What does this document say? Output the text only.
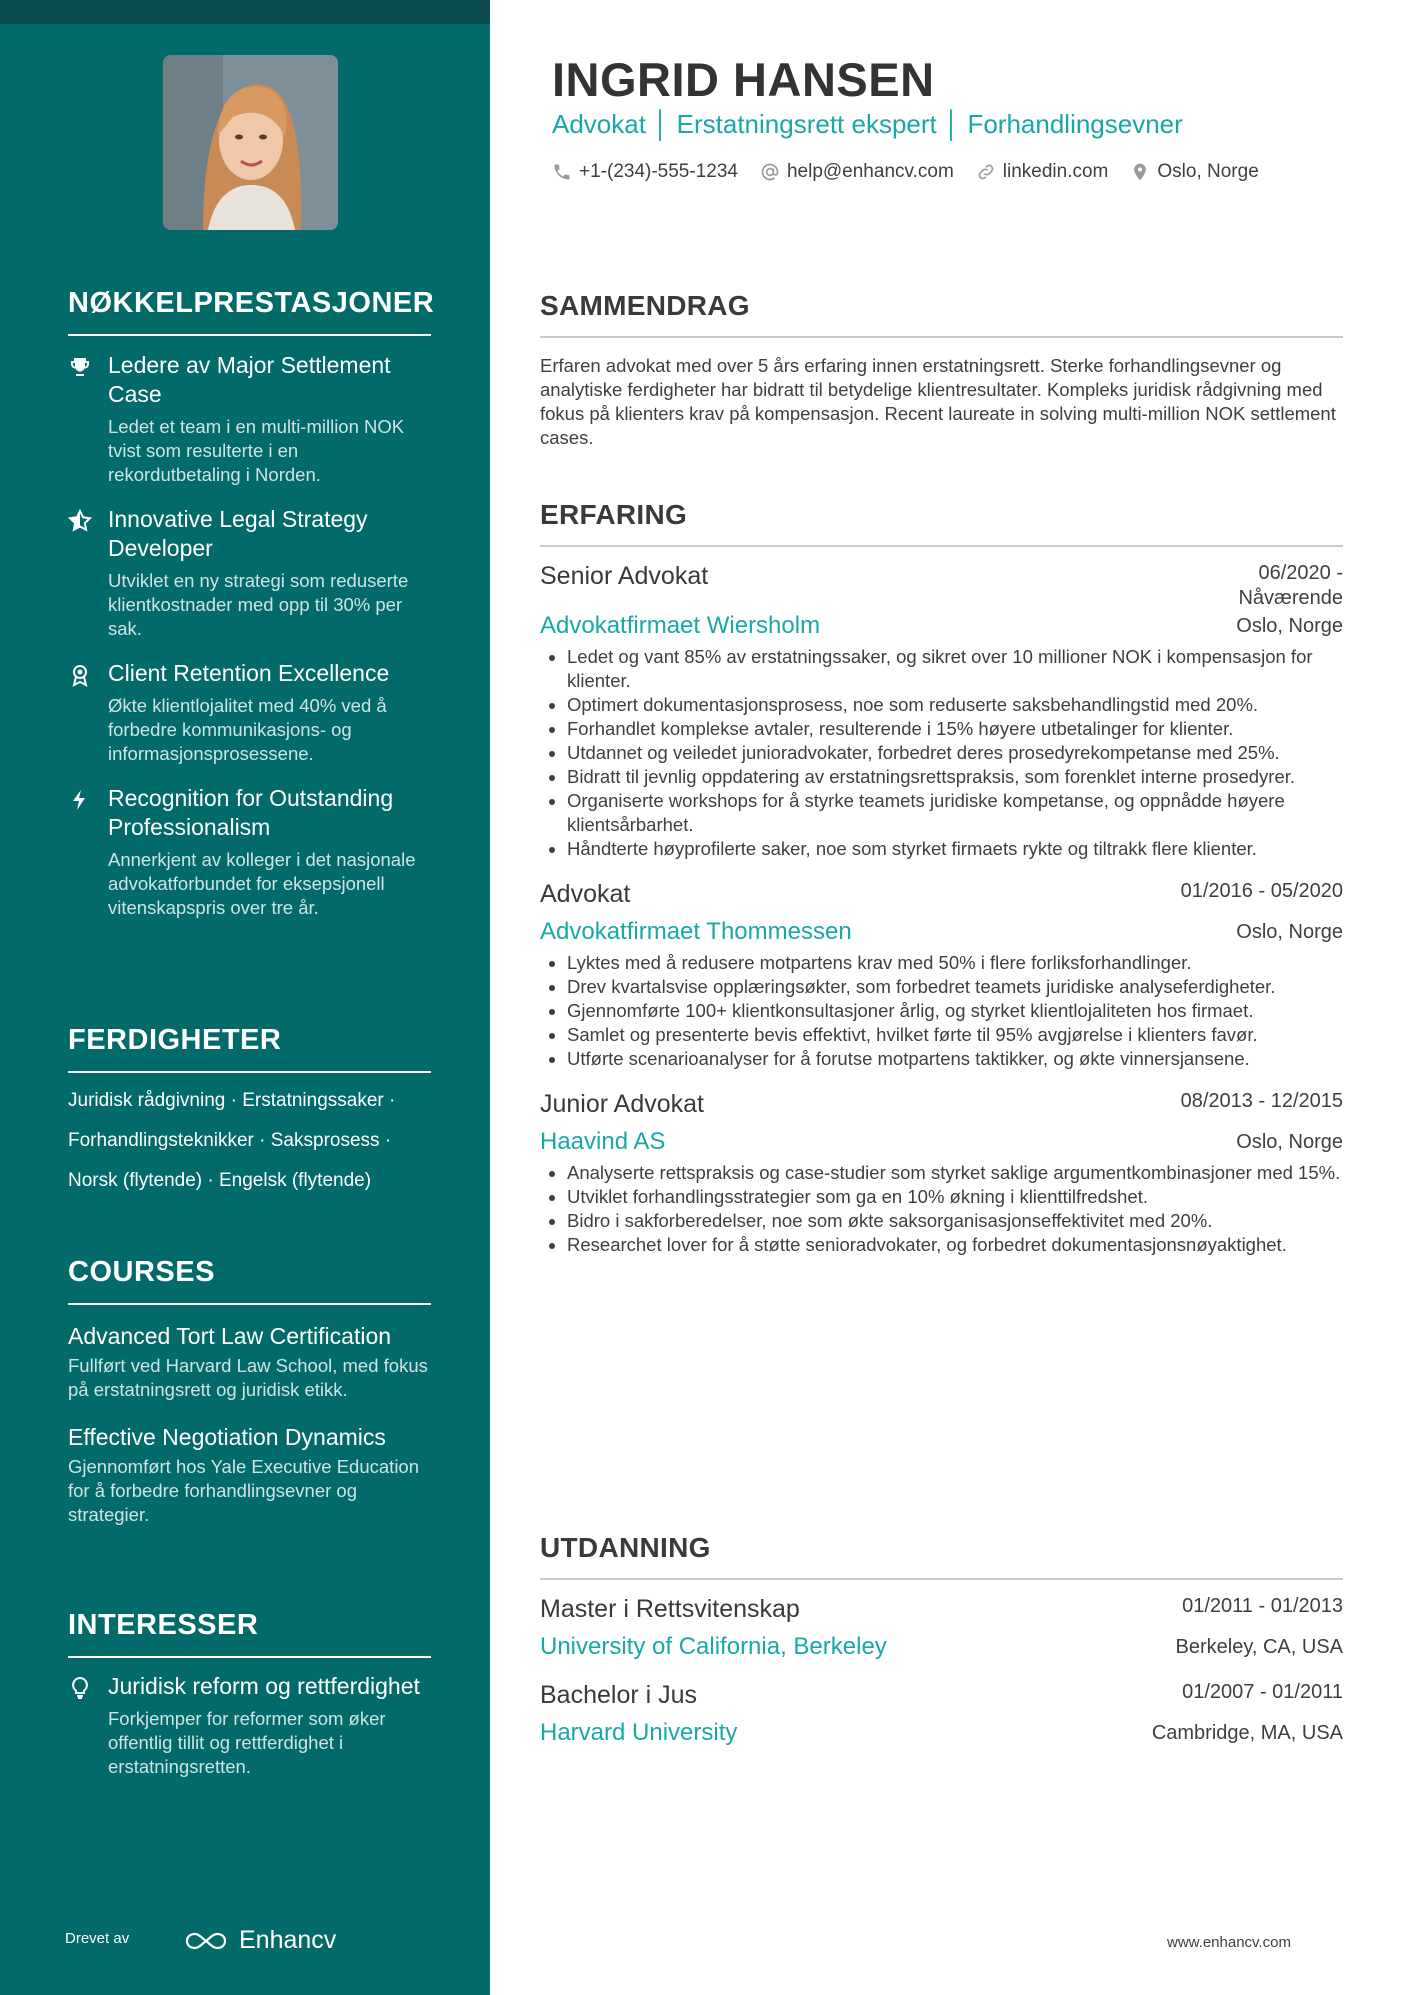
NØKKELPRESTASJONER
Ledere av Major Settlement Case
Ledet et team i en multi-million NOK tvist som resulterte i en rekordutbetaling i Norden.
Innovative Legal Strategy Developer
Utviklet en ny strategi som reduserte klientkostnader med opp til 30% per sak.
Client Retention Excellence
Økte klientlojalitet med 40% ved å forbedre kommunikasjons- og informasjonsprosessene.
Recognition for Outstanding Professionalism
Annerkjent av kolleger i det nasjonale advokatforbundet for eksepsjonell vitenskapspris over tre år.
FERDIGHETER
Juridisk rådgivning · Erstatningssaker ·
Forhandlingsteknikker · Saksprosess ·
Norsk (flytende) · Engelsk (flytende)
COURSES
Advanced Tort Law Certification
Fullført ved Harvard Law School, med fokus på erstatningsrett og juridisk etikk.
Effective Negotiation Dynamics
Gjennomført hos Yale Executive Education for å forbedre forhandlingsevner og strategier.
INTERESSER
Juridisk reform og rettferdighet
Forkjemper for reformer som øker offentlig tillit og rettferdighet i erstatningsretten.
Drevet av	Enhancv
INGRID HANSEN
Advokat │ Erstatningsrett ekspert │ Forhandlingsevner
+1-(234)-555-1234	help@enhancv.com	linkedin.com	Oslo, Norge
SAMMENDRAG
Erfaren advokat med over 5 års erfaring innen erstatningsrett. Sterke forhandlingsevner og analytiske ferdigheter har bidratt til betydelige klientresultater. Kompleks juridisk rådgivning med fokus på klienters krav på kompensasjon. Recent laureate in solving multi-million NOK settlement cases.
ERFARING
Senior Advokat	06/2020 - Nåværende
Advokatfirmaet Wiersholm	Oslo, Norge
• Ledet og vant 85% av erstatningssaker, og sikret over 10 millioner NOK i kompensasjon for klienter.
• Optimert dokumentasjonsprosess, noe som reduserte saksbehandlingstid med 20%.
• Forhandlet komplekse avtaler, resulterende i 15% høyere utbetalinger for klienter.
• Utdannet og veiledet junioradvokater, forbedret deres prosedyrekompetanse med 25%.
• Bidratt til jevnlig oppdatering av erstatningsrettspraksis, som forenklet interne prosedyrer.
• Organiserte workshops for å styrke teamets juridiske kompetanse, og oppnådde høyere klientsårbarhet.
• Håndterte høyprofilerte saker, noe som styrket firmaets rykte og tiltrakk flere klienter.
Advokat	01/2016 - 05/2020
Advokatfirmaet Thommessen	Oslo, Norge
• Lyktes med å redusere motpartens krav med 50% i flere forliksforhandlinger.
• Drev kvartalsvise opplæringsøkter, som forbedret teamets juridiske analyseferdigheter.
• Gjennomførte 100+ klientkonsultasjoner årlig, og styrket klientlojaliteten hos firmaet.
• Samlet og presenterte bevis effektivt, hvilket førte til 95% avgjørelse i klienters favør.
• Utførte scenarioanalyser for å forutse motpartens taktikker, og økte vinnersjansene.
Junior Advokat	08/2013 - 12/2015
Haavind AS	Oslo, Norge
• Analyserte rettspraksis og case-studier som styrket saklige argumentkombinasjoner med 15%.
• Utviklet forhandlingsstrategier som ga en 10% økning i klienttilfredshet.
• Bidro i sakforberedelser, noe som økte saksorganisasjonseffektivitet med 20%.
• Researchet lover for å støtte senioradvokater, og forbedret dokumentasjonsnøyaktighet.
UTDANNING
Master i Rettsvitenskap	01/2011 - 01/2013
University of California, Berkeley	Berkeley, CA, USA
Bachelor i Jus	01/2007 - 01/2011
Harvard University	Cambridge, MA, USA
www.enhancv.com
